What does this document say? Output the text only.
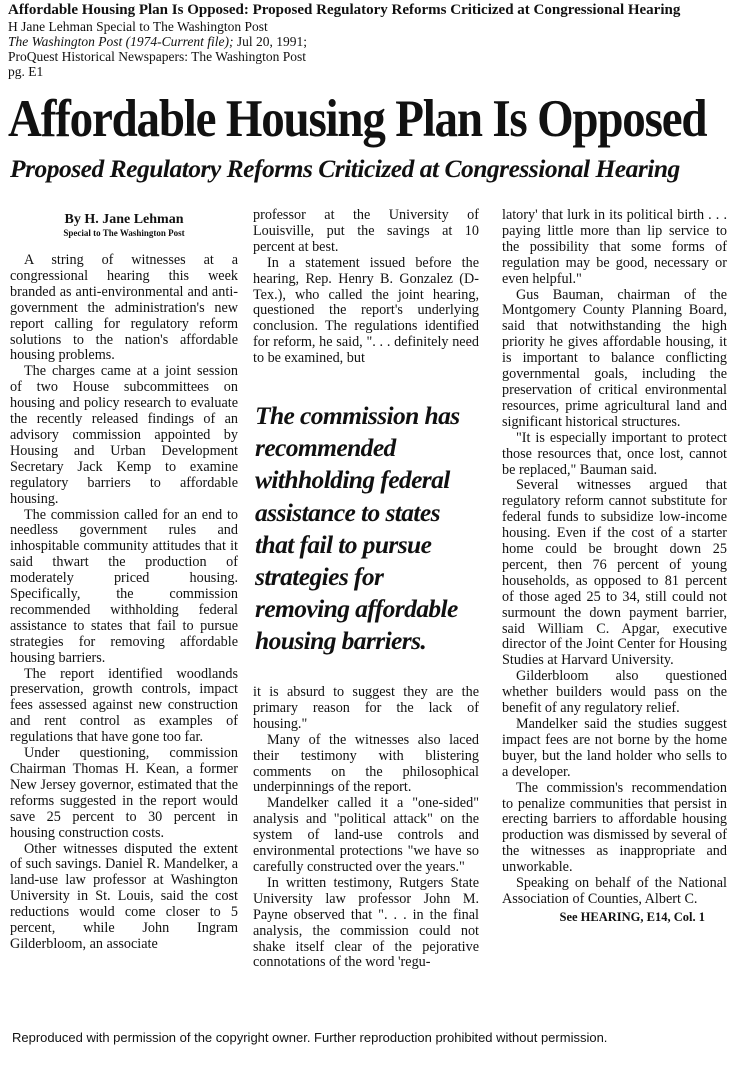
Affordable Housing Plan Is Opposed: Proposed Regulatory Reforms Criticized at Congressional Hearing
H Jane Lehman Special to The Washington Post
The Washington Post (1974-Current file); Jul 20, 1991;
ProQuest Historical Newspapers: The Washington Post
pg. E1
Affordable Housing Plan Is Opposed
Proposed Regulatory Reforms Criticized at Congressional Hearing
By H. Jane Lehman
Special to The Washington Post

A string of witnesses at a congressional hearing this week branded as anti-environmental and anti-government the administration's new report calling for regulatory reform solutions to the nation's affordable housing problems.

The charges came at a joint session of two House subcommittees on housing and policy research to evaluate the recently released findings of an advisory commission appointed by Housing and Urban Development Secretary Jack Kemp to examine regulatory barriers to affordable housing.

The commission called for an end to needless government rules and inhospitable community attitudes that it said thwart the production of moderately priced housing. Specifically, the commission recommended withholding federal assistance to states that fail to pursue strategies for removing affordable housing barriers.

The report identified woodlands preservation, growth controls, impact fees assessed against new construction and rent control as examples of regulations that have gone too far.

Under questioning, commission Chairman Thomas H. Kean, a former New Jersey governor, estimated that the reforms suggested in the report would save 25 percent to 30 percent in housing construction costs.

Other witnesses disputed the extent of such savings. Daniel R. Mandelker, a land-use law professor at Washington University in St. Louis, said the cost reductions would come closer to 5 percent, while John Ingram Gilderbloom, an associate

professor at the University of Louisville, put the savings at 10 percent at best.

In a statement issued before the hearing, Rep. Henry B. Gonzalez (D-Tex.), who called the joint hearing, questioned the report's underlying conclusion. The regulations identified for reform, he said, ". . . definitely need to be examined, but

The commission has recommended withholding federal assistance to states that fail to pursue strategies for removing affordable housing barriers.

it is absurd to suggest they are the primary reason for the lack of housing."

Many of the witnesses also laced their testimony with blistering comments on the philosophical underpinnings of the report.

Mandelker called it a "one-sided" analysis and "political attack" on the system of land-use controls and environmental protections "we have so carefully constructed over the years."

In written testimony, Rutgers State University law professor John M. Payne observed that ". . . in the final analysis, the commission could not shake itself clear of the pejorative connotations of the word 'regu-

latory' that lurk in its political birth . . . paying little more than lip service to the possibility that some forms of regulation may be good, necessary or even helpful."

Gus Bauman, chairman of the Montgomery County Planning Board, said that notwithstanding the high priority he gives affordable housing, it is important to balance conflicting governmental goals, including the preservation of critical environmental resources, prime agricultural land and significant historical structures.

"It is especially important to protect those resources that, once lost, cannot be replaced," Bauman said.

Several witnesses argued that regulatory reform cannot substitute for federal funds to subsidize low-income housing. Even if the cost of a starter home could be brought down 25 percent, then 76 percent of young households, as opposed to 81 percent of those aged 25 to 34, still could not surmount the down payment barrier, said William C. Apgar, executive director of the Joint Center for Housing Studies at Harvard University.

Gilderbloom also questioned whether builders would pass on the benefit of any regulatory relief.

Mandelker said the studies suggest impact fees are not borne by the home buyer, but the land holder who sells to a developer.

The commission's recommendation to penalize communities that persist in erecting barriers to affordable housing production was dismissed by several of the witnesses as inappropriate and unworkable.

Speaking on behalf of the National Association of Counties, Albert C.

See HEARING, E14, Col. 1
Reproduced with permission of the copyright owner. Further reproduction prohibited without permission.
